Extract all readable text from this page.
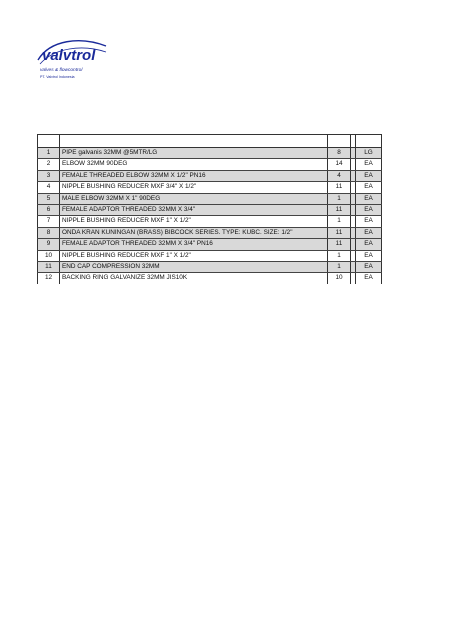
valvtrol
valves & flowcontrol
PT. Valvtrol Indonesia

1	PIPE galvanis 32MM @5MTR/LG	8		LG
2	ELBOW 32MM 90DEG	14		EA
3	FEMALE THREADED ELBOW 32MM X 1/2" PN16	4		EA
4	NIPPLE BUSHING REDUCER MXF 3/4" X 1/2"	11		EA
5	MALE ELBOW 32MM X 1" 90DEG	1		EA
6	FEMALE ADAPTOR THREADED 32MM X 3/4"	11		EA
7	NIPPLE BUSHING REDUCER MXF 1" X 1/2"	1		EA
8	ONDA KRAN KUNINGAN (BRASS) BIBCOCK SERIES. TYPE: KUBC. SIZE: 1/2"	11		EA
9	FEMALE ADAPTOR THREADED 32MM X 3/4" PN16	11		EA
10	NIPPLE BUSHING REDUCER MXF 1" X 1/2"	1		EA
11	END CAP COMPRESSION 32MM	1		EA
12	BACKING RING GALVANIZE 32MM JIS10K	10		EA
